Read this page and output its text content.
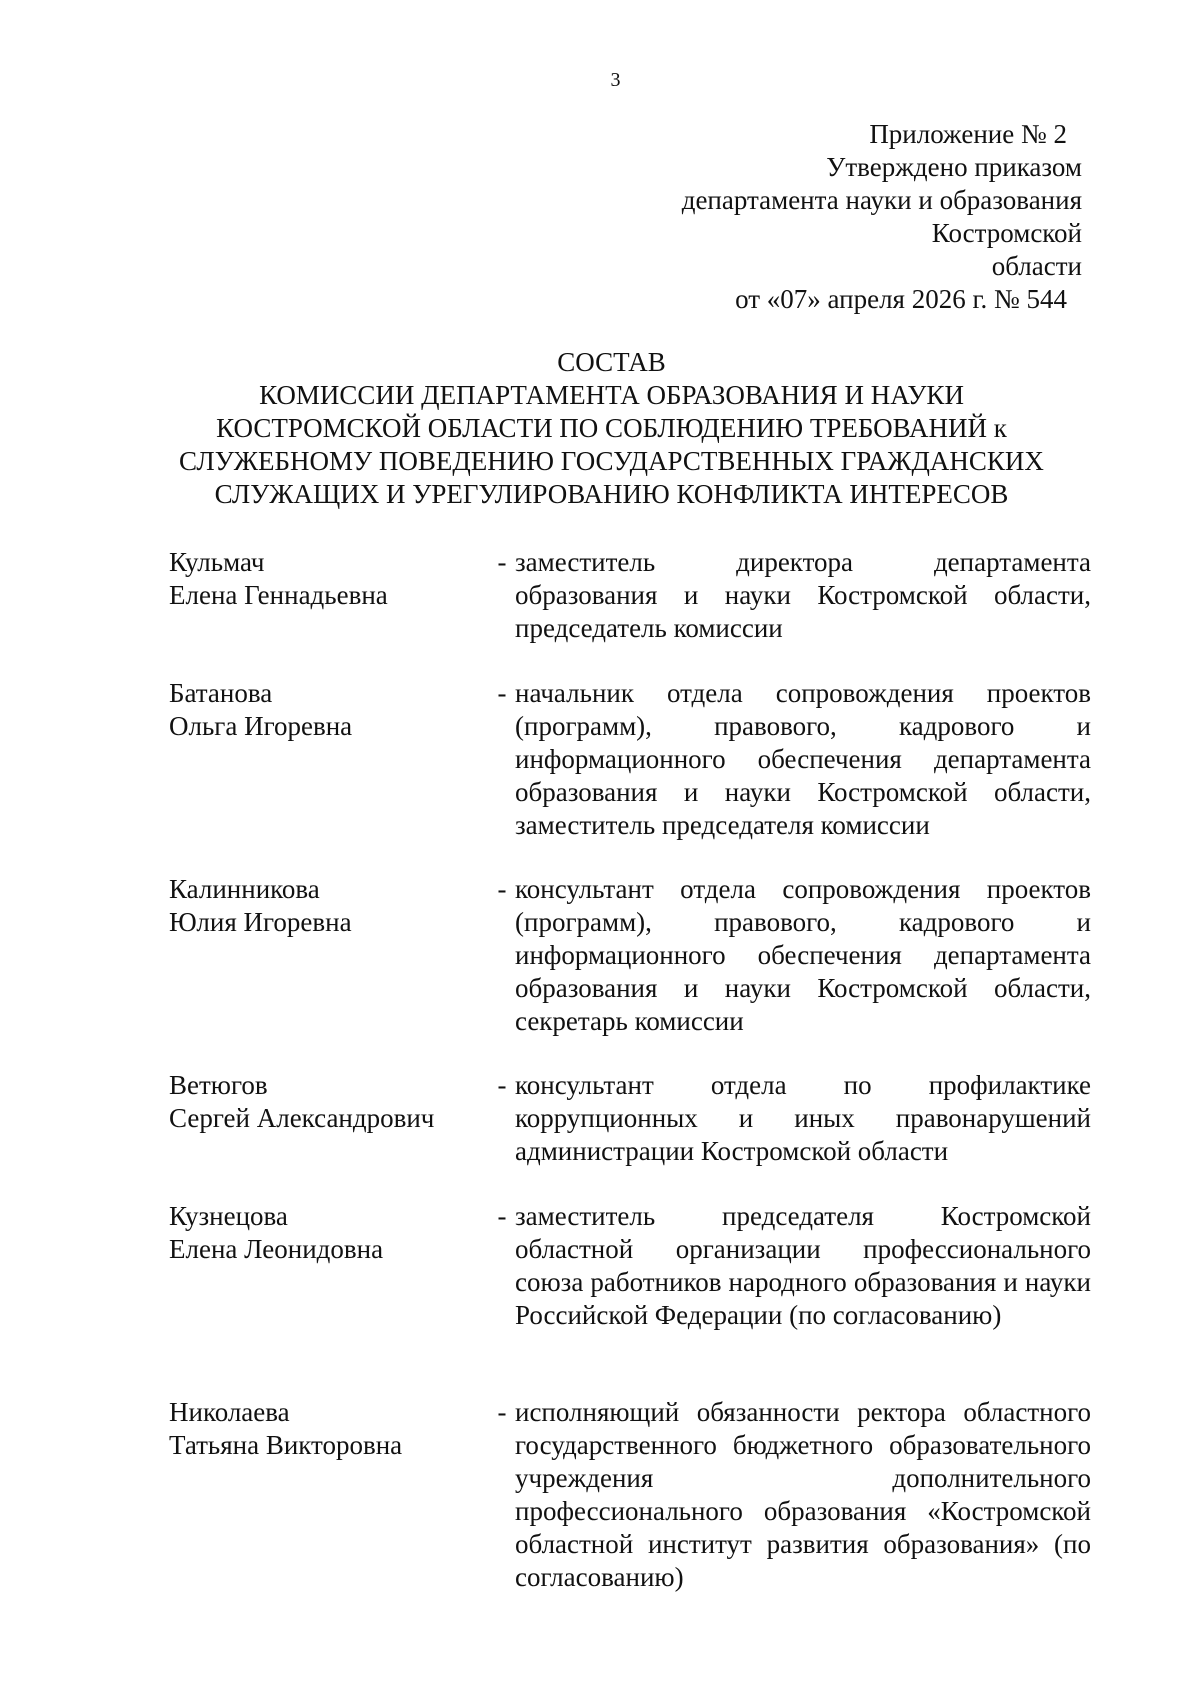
3
Приложение № 2
Утверждено приказом
департамента науки и образования
Костромской
области
от «07» апреля 2026 г. № 544
СОСТАВ
КОМИССИИ ДЕПАРТАМЕНТА ОБРАЗОВАНИЯ И НАУКИ
КОСТРОМСКОЙ ОБЛАСТИ ПО СОБЛЮДЕНИЮ ТРЕБОВАНИЙ к
СЛУЖЕБНОМУ ПОВЕДЕНИЮ ГОСУДАРСТВЕННЫХ ГРАЖДАНСКИХ
СЛУЖАЩИХ И УРЕГУЛИРОВАНИЮ КОНФЛИКТА ИНТЕРЕСОВ
Кульмач
Елена Геннадьевна
- заместитель директора департамента образования и науки Костромской области, председатель комиссии
Батанова
Ольга Игоревна
- начальник отдела сопровождения проектов (программ), правового, кадрового и информационного обеспечения департамента образования и науки Костромской области, заместитель председателя комиссии
Калинникова
Юлия Игоревна
- консультант отдела сопровождения проектов (программ), правового, кадрового и информационного обеспечения департамента образования и науки Костромской области, секретарь комиссии
Ветюгов
Сергей Александрович
- консультант отдела по профилактике коррупционных и иных правонарушений администрации Костромской области
Кузнецова
Елена Леонидовна
- заместитель председателя Костромской областной организации профессионального союза работников народного образования и науки Российской Федерации (по согласованию)
Николаева
Татьяна Викторовна
- исполняющий обязанности ректора областного государственного бюджетного образовательного учреждения дополнительного профессионального образования «Костромской областной институт развития образования» (по согласованию)
